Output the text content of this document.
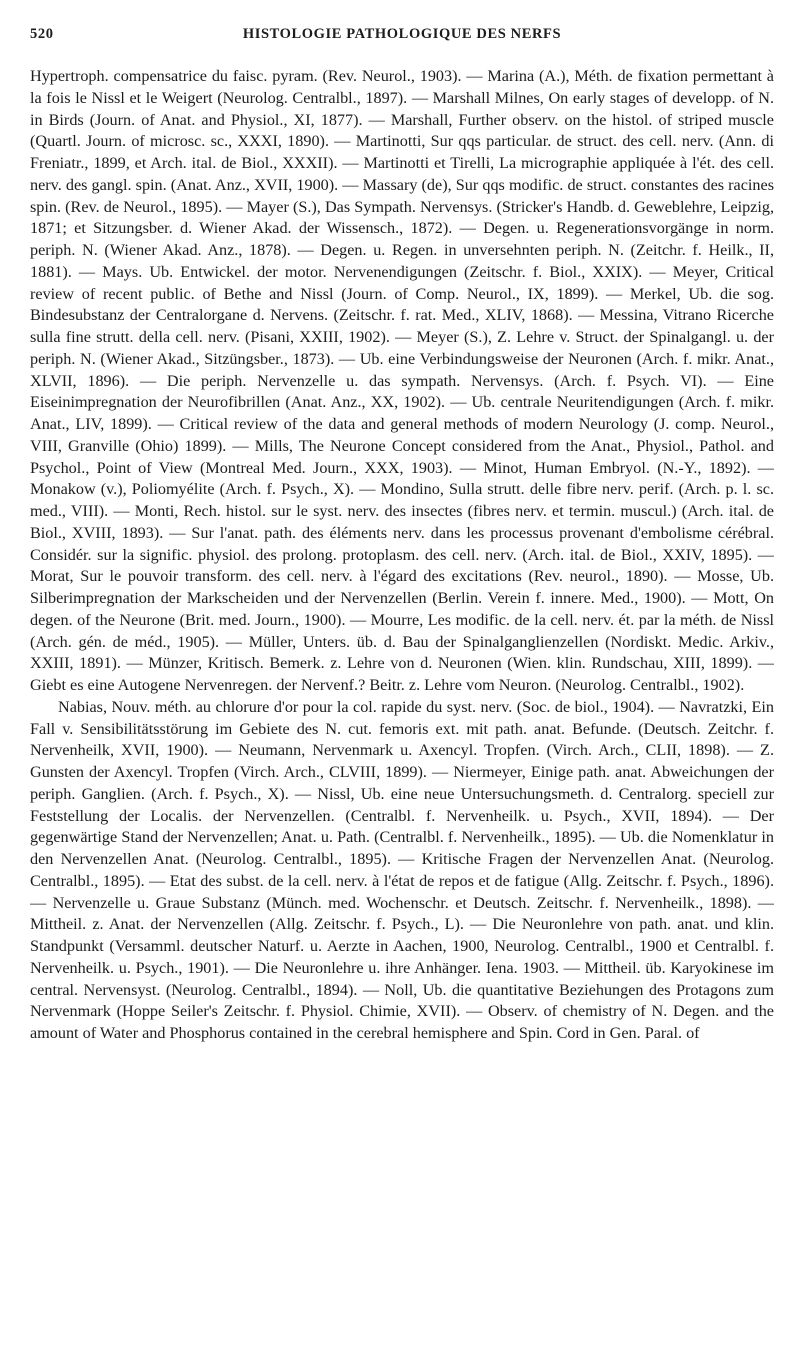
520	HISTOLOGIE PATHOLOGIQUE DES NERFS

Hypertroph. compensatrice du faisc. pyram. (Rev. Neurol., 1903). — Marina (A.), Méth. de fixation permettant à la fois le Nissl et le Weigert (Neurolog. Centralbl., 1897). — Marshall Milnes, On early stages of developp. of N. in Birds (Journ. of Anat. and Physiol., XI, 1877). — Marshall, Further observ. on the histol. of striped muscle (Quartl. Journ. of microsc. sc., XXXI, 1890). — Martinotti, Sur qqs particular. de struct. des cell. nerv. (Ann. di Freniatr., 1899, et Arch. ital. de Biol., XXXII). — Martinotti et Tirelli, La micrographie appliquée à l'ét. des cell. nerv. des gangl. spin. (Anat. Anz., XVII, 1900). — Massary (de), Sur qqs modific. de struct. constantes des racines spin. (Rev. de Neurol., 1895). — Mayer (S.), Das Sympath. Nervensys. (Stricker's Handb. d. Geweblehre, Leipzig, 1871; et Sitzungsber. d. Wiener Akad. der Wissensch., 1872). — Degen. u. Regenerationsvorgänge in norm. periph. N. (Wiener Akad. Anz., 1878). — Degen. u. Regen. in unversehnten periph. N. (Zeitchr. f. Heilk., II, 1881). — Mays. Ub. Entwickel. der motor. Nervenendigungen (Zeitschr. f. Biol., XXIX). — Meyer, Critical review of recent public. of Bethe and Nissl (Journ. of Comp. Neurol., IX, 1899). — Merkel, Ub. die sog. Bindesubstanz der Centralorgane d. Nervens. (Zeitschr. f. rat. Med., XLIV, 1868). — Messina, Vitrano Ricerche sulla fine strutt. della cell. nerv. (Pisani, XXIII, 1902). — Meyer (S.), Z. Lehre v. Struct. der Spinalgangl. u. der periph. N. (Wiener Akad., Sitzüngsber., 1873). — Ub. eine Verbindungsweise der Neuronen (Arch. f. mikr. Anat., XLVII, 1896). — Die periph. Nervenzelle u. das sympath. Nervensys. (Arch. f. Psych. VI). — Eine Eiseinimpregnation der Neurofibrillen (Anat. Anz., XX, 1902). — Ub. centrale Neuritendigungen (Arch. f. mikr. Anat., LIV, 1899). — Critical review of the data and general methods of modern Neurology (J. comp. Neurol., VIII, Granville (Ohio) 1899). — Mills, The Neurone Concept considered from the Anat., Physiol., Pathol. and Psychol., Point of View (Montreal Med. Journ., XXX, 1903). — Minot, Human Embryol. (N.-Y., 1892). — Monakow (v.), Poliomyélite (Arch. f. Psych., X). — Mondino, Sulla strutt. delle fibre nerv. perif. (Arch. p. l. sc. med., VIII). — Monti, Rech. histol. sur le syst. nerv. des insectes (fibres nerv. et termin. muscul.) (Arch. ital. de Biol., XVIII, 1893). — Sur l'anat. path. des éléments nerv. dans les processus provenant d'embolisme cérébral. Considér. sur la signific. physiol. des prolong. protoplasm. des cell. nerv. (Arch. ital. de Biol., XXIV, 1895). — Morat, Sur le pouvoir transform. des cell. nerv. à l'égard des excitations (Rev. neurol., 1890). — Mosse, Ub. Silberimpregnation der Markscheiden und der Nervenzellen (Berlin. Verein f. innere. Med., 1900). — Mott, On degen. of the Neurone (Brit. med. Journ., 1900). — Mourre, Les modific. de la cell. nerv. ét. par la méth. de Nissl (Arch. gén. de méd., 1905). — Müller, Unters. üb. d. Bau der Spinalganglienzellen (Nordiskt. Medic. Arkiv., XXIII, 1891). — Münzer, Kritisch. Bemerk. z. Lehre von d. Neuronen (Wien. klin. Rundschau, XIII, 1899). — Giebt es eine Autogene Nervenregen. der Nervenf.? Beitr. z. Lehre vom Neuron. (Neurolog. Centralbl., 1902).

Nabias, Nouv. méth. au chlorure d'or pour la col. rapide du syst. nerv. (Soc. de biol., 1904). — Navratzki, Ein Fall v. Sensibilitätsstörung im Gebiete des N. cut. femoris ext. mit path. anat. Befunde. (Deutsch. Zeitchr. f. Nervenheilk, XVII, 1900). — Neumann, Nervenmark u. Axencyl. Tropfen. (Virch. Arch., CLII, 1898). — Z. Gunsten der Axencyl. Tropfen (Virch. Arch., CLVIII, 1899). — Niermeyer, Einige path. anat. Abweichungen der periph. Ganglien. (Arch. f. Psych., X). — Nissl, Ub. eine neue Untersuchungsmeth. d. Centralorg. speciell zur Feststellung der Localis. der Nervenzellen. (Centralbl. f. Nervenheilk. u. Psych., XVII, 1894). — Der gegenwärtige Stand der Nervenzellen; Anat. u. Path. (Centralbl. f. Nervenheilk., 1895). — Ub. die Nomenklatur in den Nervenzellen Anat. (Neurolog. Centralbl., 1895). — Kritische Fragen der Nervenzellen Anat. (Neurolog. Centralbl., 1895). — Etat des subst. de la cell. nerv. à l'état de repos et de fatigue (Allg. Zeitschr. f. Psych., 1896). — Nervenzelle u. Graue Substanz (Münch. med. Wochenschr. et Deutsch. Zeitschr. f. Nervenheilk., 1898). — Mittheil. z. Anat. der Nervenzellen (Allg. Zeitschr. f. Psych., L). — Die Neuronlehre von path. anat. und klin. Standpunkt (Versamml. deutscher Naturf. u. Aerzte in Aachen, 1900, Neurolog. Centralbl., 1900 et Centralbl. f. Nervenheilk. u. Psych., 1901). — Die Neuronlehre u. ihre Anhänger. Iena. 1903. — Mittheil. üb. Karyokinese im central. Nervensyst. (Neurolog. Centralbl., 1894). — Noll, Ub. die quantitative Beziehungen des Protagons zum Nervenmark (Hoppe Seiler's Zeitschr. f. Physiol. Chimie, XVII). — Observ. of chemistry of N. Degen. and the amount of Water and Phosphorus contained in the cerebral hemisphere and Spin. Cord in Gen. Paral. of
